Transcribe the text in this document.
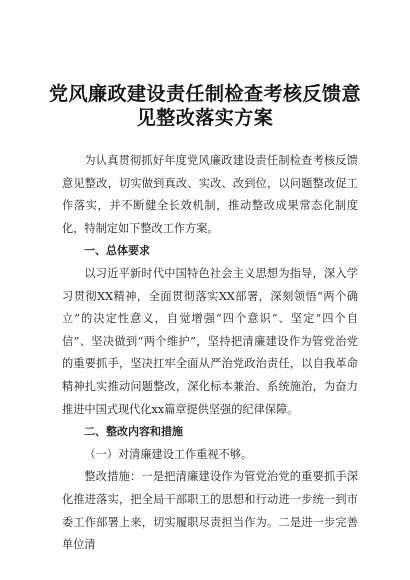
党风廉政建设责任制检查考核反馈意见整改落实方案

为认真贯彻抓好年度党风廉政建设责任制检查考核反馈意见整改，切实做到真改、实改、改到位，以问题整改促工作落实，并不断健全长效机制，推动整改成果常态化制度化，特制定如下整改工作方案。

一、总体要求

以习近平新时代中国特色社会主义思想为指导，深入学习贯彻XX精神，全面贯彻落实XX部署，深刻领悟“两个确立”的决定性意义，自觉增强“四个意识”、坚定“四个自信”、坚决做到“两个维护”，坚持把清廉建设作为管党治党的重要抓手，坚决扛牢全面从严治党政治责任，以自我革命精神扎实推动问题整改，深化标本兼治、系统施治，为奋力推进中国式现代化xx篇章提供坚强的纪律保障。

二、整改内容和措施

（一）对清廉建设工作重视不够。

整改措施：一是把清廉建设作为管党治党的重要抓手深化推进落实，把全局干部职工的思想和行动进一步统一到市委工作部署上来，切实履职尽责担当作为。二是进一步完善单位清
